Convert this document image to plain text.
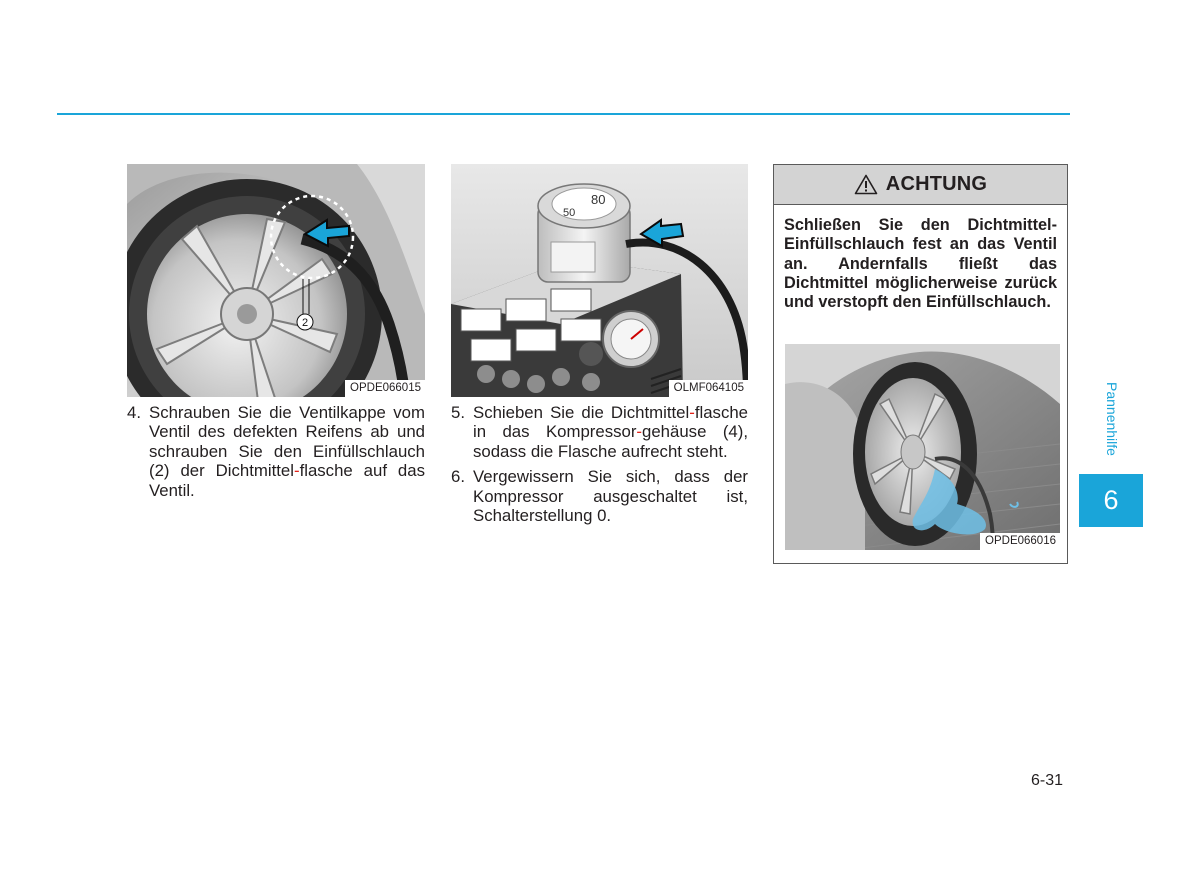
2
OPDE066015
80
50
OLMF064105
4. Schrauben Sie die Ventilkappe vom Ventil des defekten Reifens ab und schrauben Sie den Einfüllschlauch (2) der Dichtmittel-flasche auf das Ventil.
5. Schieben Sie die Dichtmittel-flasche in das Kompressor-gehäuse (4), sodass die Flasche aufrecht steht.
6. Vergewissern Sie sich, dass der Kompressor ausgeschaltet ist, Schalterstellung 0.
ACHTUNG
Schließen Sie den Dichtmittel-Einfüllschlauch fest an das Ventil an. Andernfalls fließt das Dichtmittel möglicherweise zurück und verstopft den Einfüllschlauch.
OPDE066016
Pannenhilfe
6
6-31
